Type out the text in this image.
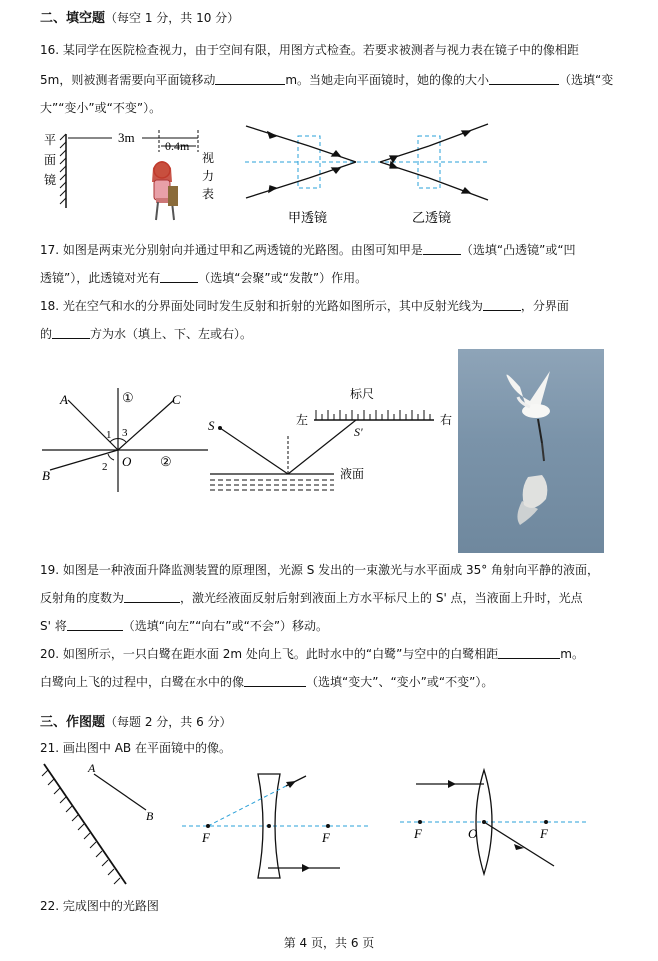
二、填空题（每空 1 分，共 10 分）
16. 某同学在医院检查视力，由于空间有限，用图方式检查。若要求被测者与视力表在镜子中的像相距
5m，则被测者需要向平面镜移动	m。当她走向平面镜时，她的像的大小	（选填“变
大”“变小”或“不变”）。
平
面
镜
3m
0.4m
视
力
表
甲透镜	乙透镜
17. 如图是两束光分别射向并通过甲和乙两透镜的光路图。由图可知甲是	（选填“凸透镜”或“凹
透镜”），此透镜对光有	（选填“会聚”或“发散”）作用。
18. 光在空气和水的分界面处同时发生反射和折射的光路如图所示，其中反射光线为	，分界面
的	方为水（填上、下、左或右）。
A
B
C
O
1 3
2
①
②
标尺
左	右
S	S'
液面
19. 如图是一种液面升降监测装置的原理图，光源 S 发出的一束激光与水平面成 35° 角射向平静的液面，
反射角的度数为	，激光经液面反射后射到液面上方水平标尺上的 S' 点，当液面上升时，光点
S' 将	（选填“向左”“向右”或“不会”）移动。
20. 如图所示，一只白鹭在距水面 2m 处向上飞。此时水中的“白鹭”与空中的白鹭相距	m。
白鹭向上飞的过程中，白鹭在水中的像	（选填“变大”、“变小”或“不变”）。
三、作图题（每题 2 分，共 6 分）
21. 画出图中 AB 在平面镜中的像。
A
B
F	F	F	O	F
22. 完成图中的光路图
第 4 页，共 6 页
